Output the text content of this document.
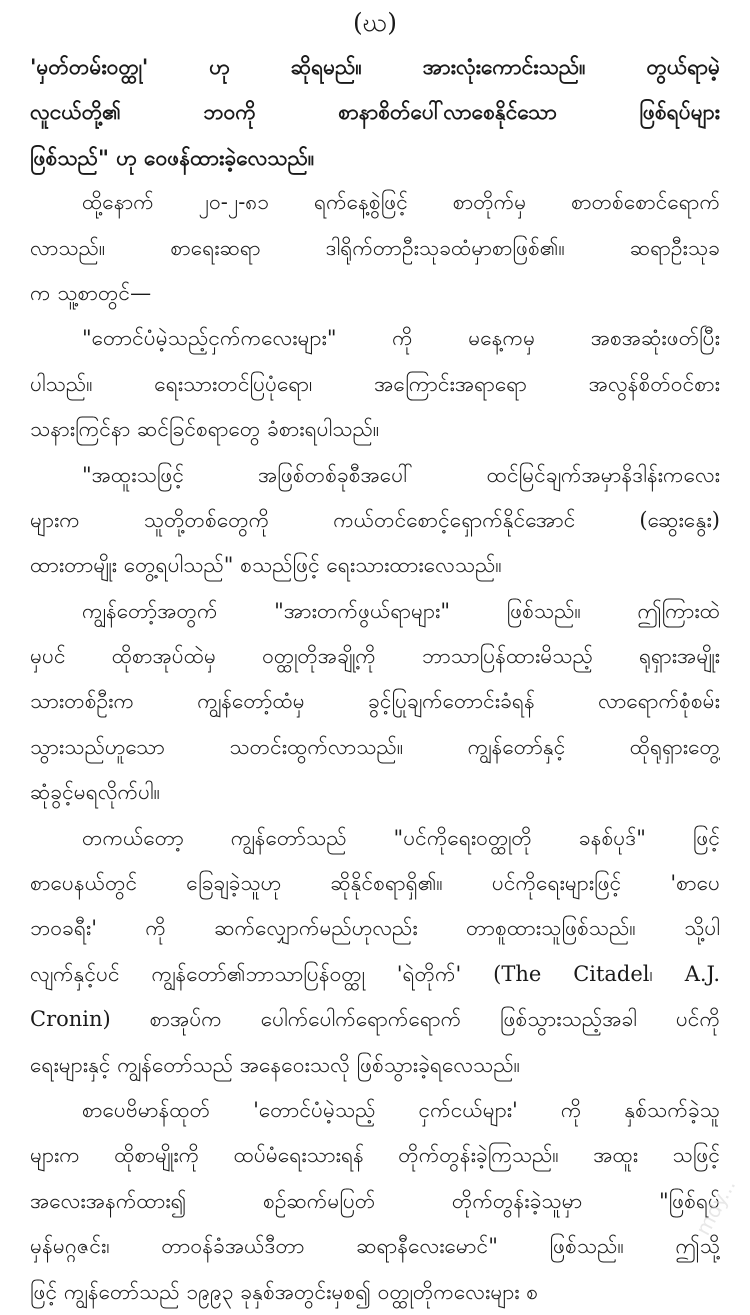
(ဃ)
'မှတ်တမ်းဝတ္ထု' ဟု ဆိုရမည်။ အားလုံးကောင်းသည်။ တွယ်ရာမဲ့
လူငယ်တို့၏ ဘဝကို စာနာစိတ်ပေါ်လာစေနိုင်သော ဖြစ်ရပ်များ
ဖြစ်သည်" ဟု ဝေဖန်ထားခဲ့လေသည်။
ထို့နောက် ၂၀-၂-၈၁ ရက်နေ့စွဲဖြင့် စာတိုက်မှ စာတစ်စောင်ရောက်
လာသည်။ စာရေးဆရာ ဒါရိုက်တာဦးသုခထံမှာစာဖြစ်၏။ ဆရာဦးသုခ
က သူ့စာတွင်—
"တောင်ပံမဲ့သည့်ငှက်ကလေးများ" ကို မနေ့ကမှ အစအဆုံးဖတ်ပြီး
ပါသည်။ ရေးသားတင်ပြပုံရော၊ အကြောင်းအရာရော အလွန်စိတ်ဝင်စား
သနားကြင်နာ ဆင်ခြင်စရာတွေ ခံစားရပါသည်။
"အထူးသဖြင့် အဖြစ်တစ်ခုစီအပေါ် ထင်မြင်ချက်အမှာနိဒါန်းကလေး
များက သူတို့တစ်တွေကို ကယ်တင်စောင့်ရှောက်နိုင်အောင် (ဆွေးနွေး)
ထားတာမျိုး တွေ့ရပါသည်" စသည်ဖြင့် ရေးသားထားလေသည်။
ကျွန်တော့်အတွက် "အားတက်ဖွယ်ရာများ" ဖြစ်သည်။ ဤကြားထဲ
မှပင် ထိုစာအုပ်ထဲမှ ဝတ္ထုတိုအချို့ကို ဘာသာပြန်ထားမိသည့် ရုရှားအမျိုး
သားတစ်ဦးက ကျွန်တော့်ထံမှ ခွင့်ပြုချက်တောင်းခံရန် လာရောက်စုံစမ်း
သွားသည်ဟူသော သတင်းထွက်လာသည်။ ကျွန်တော်နှင့် ထိုရုရှားတွေ့
ဆုံခွင့်မရလိုက်ပါ။
တကယ်တော့ ကျွန်တော်သည် "ပင်ကိုရေးဝတ္ထုတို ခနစ်ပုဒ်" ဖြင့်
စာပေနယ်တွင် ခြေချခဲ့သူဟု ဆိုနိုင်စရာရှိ၏။ ပင်ကိုရေးများဖြင့် 'စာပေ
ဘဝခရီး' ကို ဆက်လျှောက်မည်ဟုလည်း တာစူထားသူဖြစ်သည်။ သို့ပါ
လျက်နှင့်ပင် ကျွန်တော်၏ဘာသာပြန်ဝတ္ထု 'ရဲတိုက်' (The Citadel၊ A.J.
Cronin) စာအုပ်က ပေါက်ပေါက်ရောက်ရောက် ဖြစ်သွားသည့်အခါ ပင်ကို
ရေးများနှင့် ကျွန်တော်သည် အနေဝေးသလို ဖြစ်သွားခဲ့ရလေသည်။
စာပေဗိမာန်ထုတ် 'တောင်ပံမဲ့သည့် ငှက်ငယ်များ' ကို နှစ်သက်ခဲ့သူ
များက ထိုစာမျိုးကို ထပ်မံရေးသားရန် တိုက်တွန်းခဲ့ကြသည်။ အထူး သဖြင့်
အလေးအနက်ထား၍ စဉ်ဆက်မပြတ် တိုက်တွန်းခဲ့သူမှာ "ဖြစ်ရပ်
မှန်မဂ္ဂဇင်း၊ တာဝန်ခံအယ်ဒီတာ ဆရာနီလေးမောင်" ဖြစ်သည်။ ဤသို့
ဖြင့် ကျွန်တော်သည် ၁၉၉၃ ခုနှစ်အတွင်းမှစ၍ ဝတ္ထုတိုကလေးများ စ
mdy...
